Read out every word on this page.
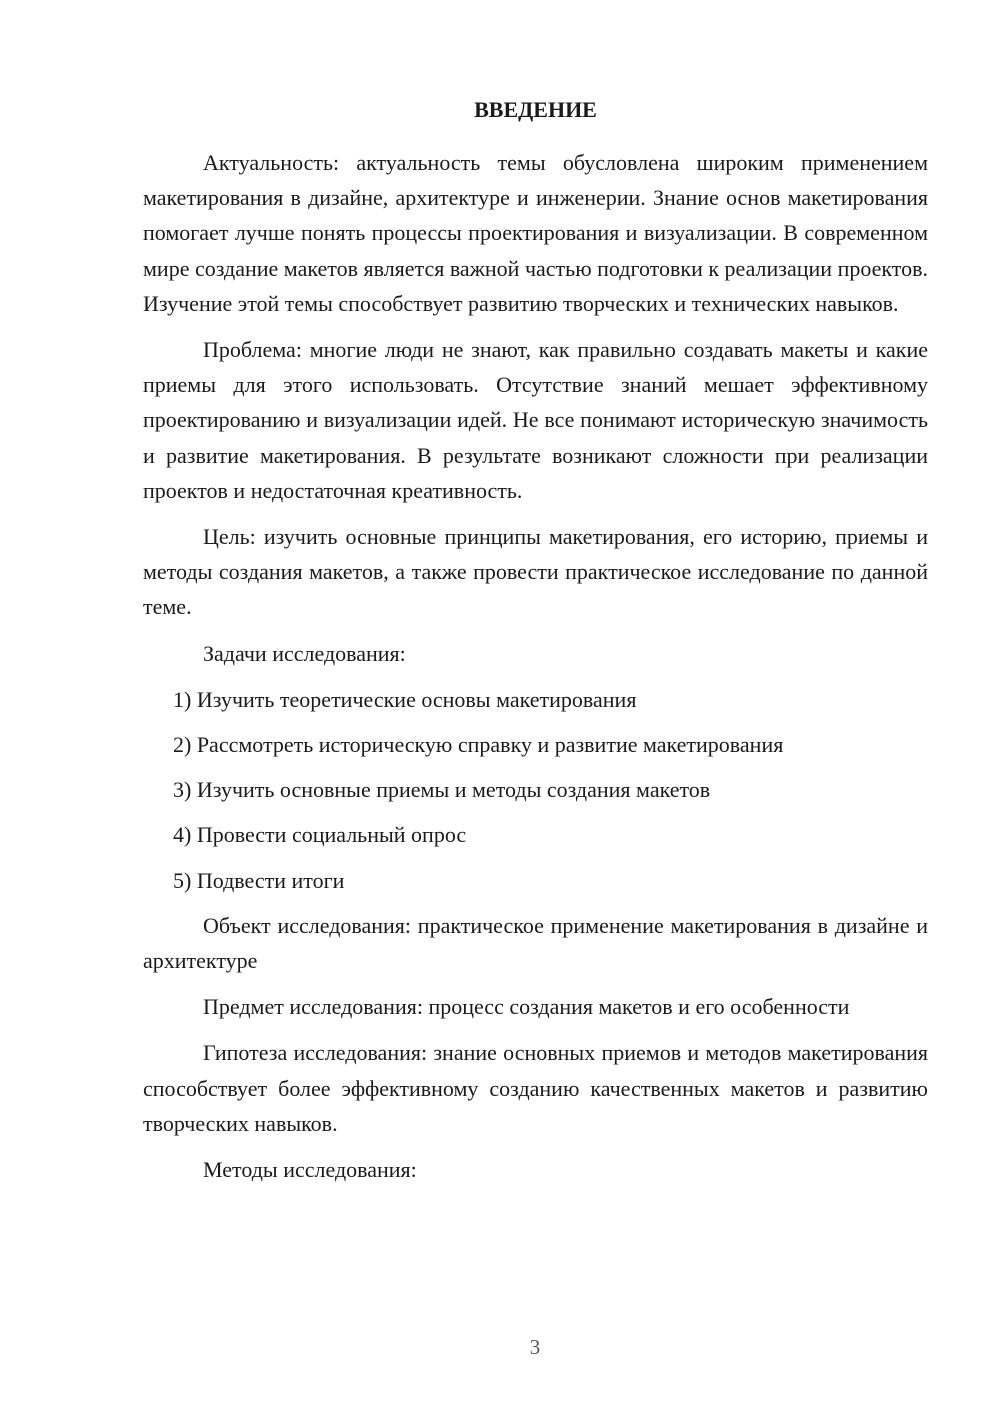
ВВЕДЕНИЕ

Актуальность: актуальность темы обусловлена широким применением макетирования в дизайне, архитектуре и инженерии. Знание основ макетирования помогает лучше понять процессы проектирования и визуализации. В современном мире создание макетов является важной частью подготовки к реализации проектов. Изучение этой темы способствует развитию творческих и технических навыков.

Проблема: многие люди не знают, как правильно создавать макеты и какие приемы для этого использовать. Отсутствие знаний мешает эффективному проектированию и визуализации идей. Не все понимают историческую значимость и развитие макетирования. В результате возникают сложности при реализации проектов и недостаточная креативность.

Цель: изучить основные принципы макетирования, его историю, приемы и методы создания макетов, а также провести практическое исследование по данной теме.

Задачи исследования:

1) Изучить теоретические основы макетирования
2) Рассмотреть историческую справку и развитие макетирования
3) Изучить основные приемы и методы создания макетов
4) Провести социальный опрос
5) Подвести итоги

Объект исследования: практическое применение макетирования в дизайне и архитектуре

Предмет исследования: процесс создания макетов и его особенности

Гипотеза исследования: знание основных приемов и методов макетирования способствует более эффективному созданию качественных макетов и развитию творческих навыков.

Методы исследования:

3
